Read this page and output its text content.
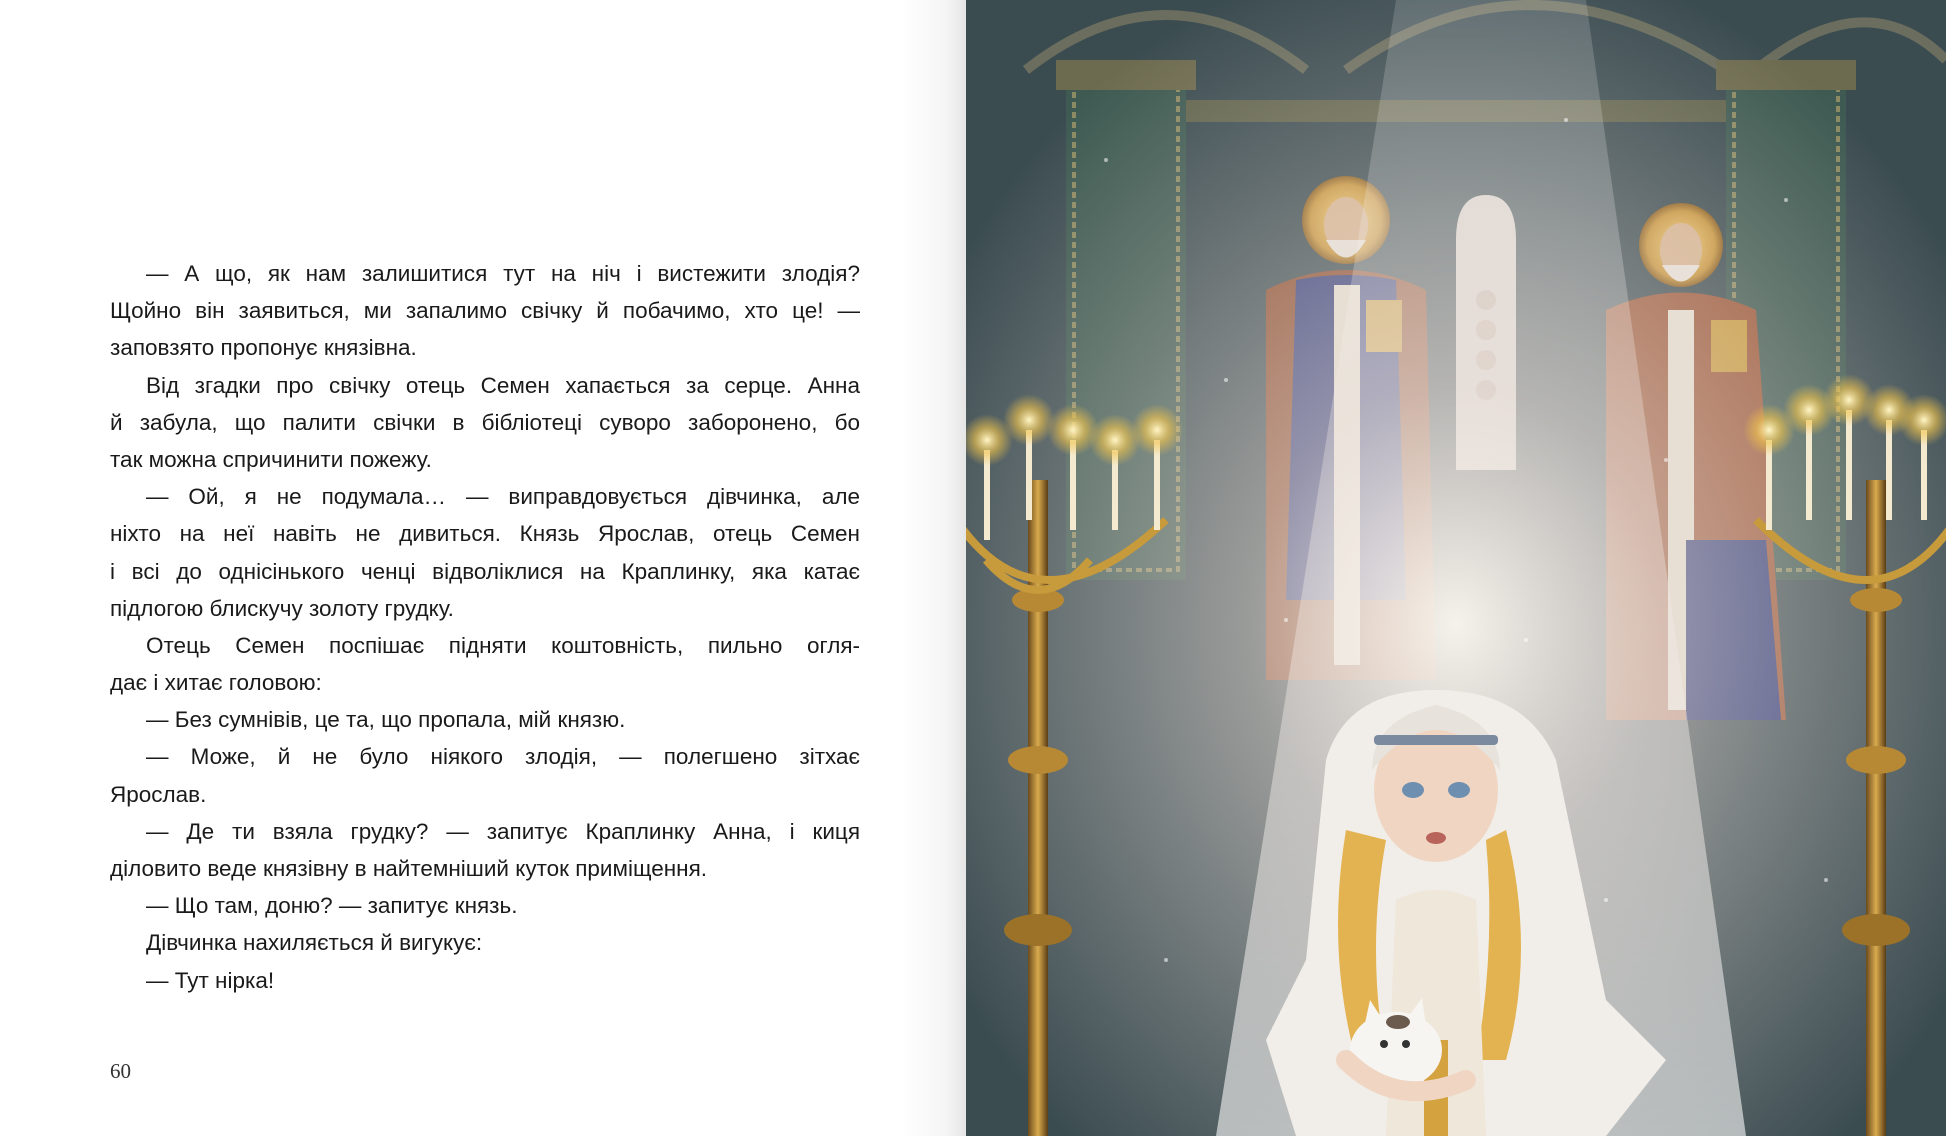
— А що, як нам залишитися тут на ніч і вистежити злодія?
Щойно він заявиться, ми запалимо свічку й побачимо, хто це! —
заповзято пропонує князівна.
Від згадки про свічку отець Семен хапається за серце. Анна
й забула, що палити свічки в бібліотеці суворо заборонено, бо
так можна спричинити пожежу.
— Ой, я не подумала… — виправдовується дівчинка, але
ніхто на неї навіть не дивиться. Князь Ярослав, отець Семен
і всі до однісінького ченці відволіклися на Краплинку, яка катає
підлогою блискучу золоту грудку.
Отець Семен поспішає підняти коштовність, пильно огля-
дає і хитає головою:
— Без сумнівів, це та, що пропала, мій князю.
— Може, й не було ніякого злодія, — полегшено зітхає
Ярослав.
— Де ти взяла грудку? — запитує Краплинку Анна, і киця
діловито веде князівну в найтемніший куток приміщення.
— Що там, доню? — запитує князь.
Дівчинка нахиляється й вигукує:
— Тут нірка!
60
